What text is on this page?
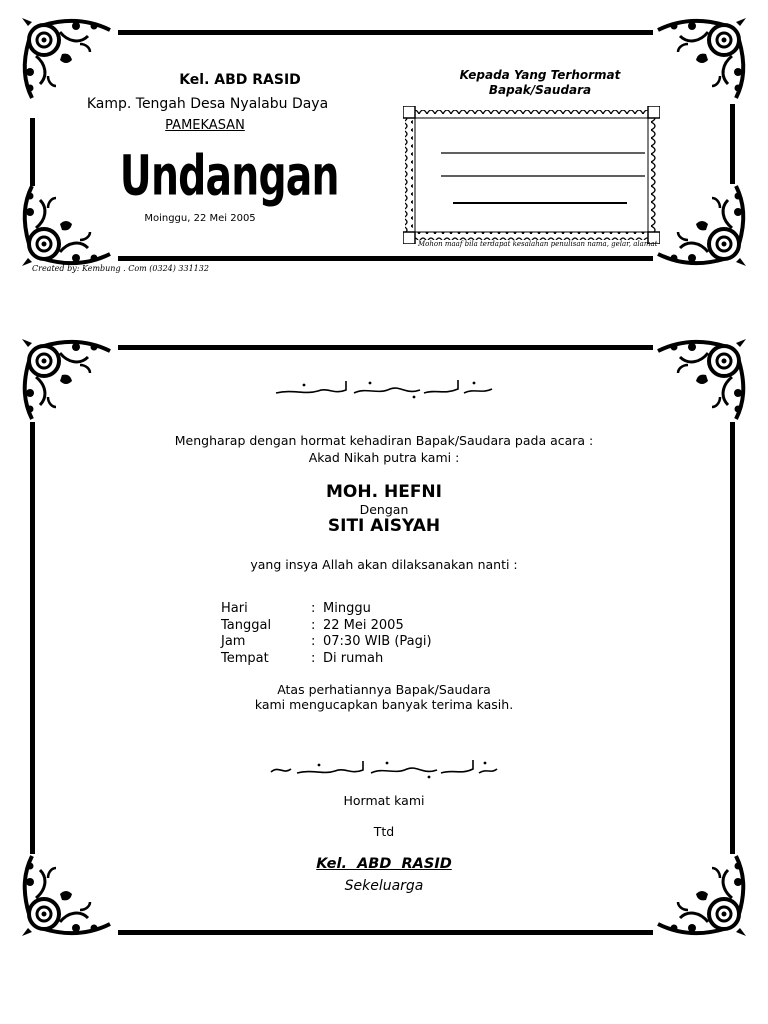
Kel. ABD RASID
Kamp. Tengah Desa Nyalabu Daya
PAMEKASAN
Undangan
Moinggu, 22 Mei 2005
Kepada Yang Terhormat
Bapak/Saudara
Mohon maaf bila terdapat kesalahan penulisan nama, gelar, alamat
Created by: Kembung . Com (0324) 331132
Mengharap dengan hormat kehadiran Bapak/Saudara pada acara :
Akad Nikah putra kami :
MOH. HEFNI
Dengan
SITI AISYAH
yang insya Allah akan dilaksanakan nanti :
Hari	: Minggu
Tanggal	: 22 Mei 2005
Jam	: 07:30 WIB (Pagi)
Tempat	: Di rumah
Atas perhatiannya Bapak/Saudara
kami mengucapkan banyak terima kasih.
Hormat kami
Ttd
Kel.  ABD  RASID
Sekeluarga
